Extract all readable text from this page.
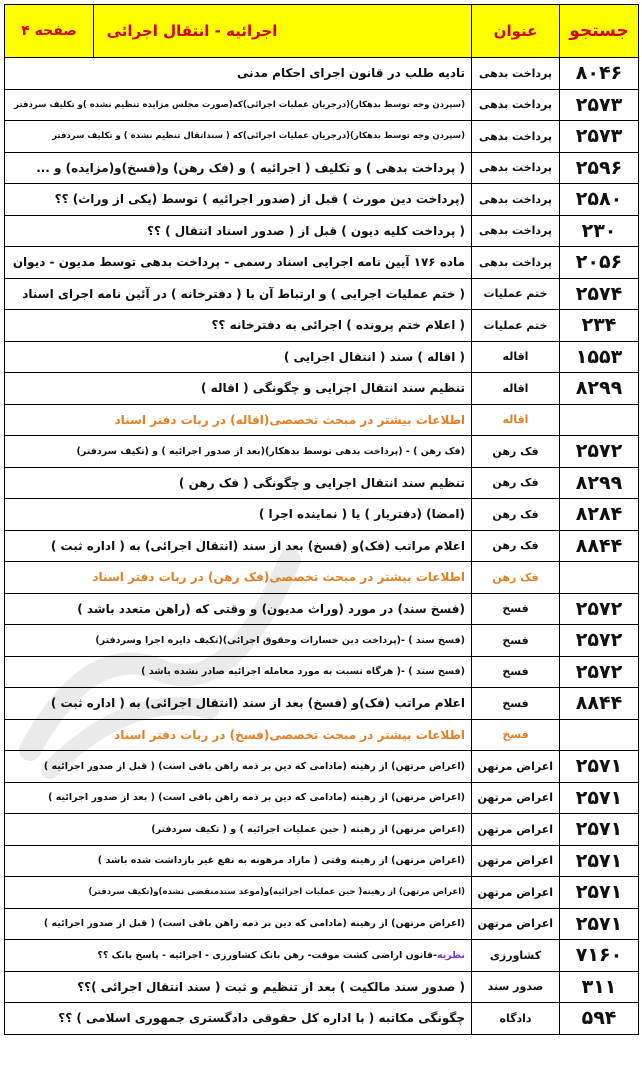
جستجو	عنوان	اجرائیه - انتقال اجرائی
صفحه ۴

۸۰۴۶	پرداخت بدهی	تادیه طلب در قانون اجرای احکام مدنی
۲۵۷۳	پرداخت بدهی	(سپردن وجه توسط بدهکار)(درجریان عملیات اجرائی)که(صورت مجلس مزایده تنظیم نشده )و تکلیف سردفتر
۲۵۷۳	پرداخت بدهی	(سپردن وجه توسط بدهکار)(درجریان عملیات اجرائی)که ( سنداتقال تنظیم نشده ) و تکلیف سردفتر
۲۵۹۶	پرداخت بدهی	( پرداخت بدهی ) و تکلیف ( اجرائیه ) و (فک رهن) و(فسخ)و(مزایده) و ...
۲۵۸۰	پرداخت بدهی	(پرداخت دین مورث ) قبل از (صدور اجرائیه ) توسط (یکی از وراث) ؟؟
۲۳۰	پرداخت بدهی	( پرداخت کلیه دیون ) قبل از ( صدور اسناد انتقال ) ؟؟
۲۰۵۶	پرداخت بدهی	ماده ۱۷۶ آیین نامه اجرایی اسناد رسمی - پرداخت بدهی توسط مدیون - دیوان
۲۵۷۴	ختم عملیات	( ختم عملیات اجرایی ) و ارتباط آن با ( دفترخانه ) در آئین نامه اجرای اسناد
۲۳۴	ختم عملیات	( اعلام ختم پرونده ) اجرائی به دفترخانه ؟؟
۱۵۵۳	اقاله	( اقاله ) سند ( انتقال اجرایی )
۸۲۹۹	اقاله	تنظیم سند انتقال اجرایی و چگونگی ( اقاله )
	اقاله	اطلاعات بیشتر در مبحث تخصصی(اقاله) در ربات دفتر اسناد
۲۵۷۲	فک رهن	(فک رهن ) - (پرداخت بدهی توسط بدهکار)(بعد از صدور اجرائیه ) و (تکیف سردفتر)
۸۲۹۹	فک رهن	تنظیم سند انتقال اجرایی و چگونگی ( فک رهن )
۸۲۸۴	فک رهن	(امضا) (دفتریار ) یا ( نماینده اجرا )
۸۸۴۴	فک رهن	اعلام مراتب (فک)و (فسخ) بعد از سند (انتقال اجرائی) به ( اداره ثبت )
	فک رهن	اطلاعات بیشتر در مبحث تخصصی(فک رهن) در ربات دفتر اسناد
۲۵۷۲	فسخ	(فسخ سند) در مورد (وراث مدیون) و وقتی که (راهن متعدد باشد )
۲۵۷۲	فسخ	(فسخ سند ) -(پرداخت دین خسارات وحقوق اجرائی)(تکیف دایره اجرا وسردفتر)
۲۵۷۲	فسخ	(فسخ سند ) -( هرگاه نسبت به مورد معامله اجرائیه صادر نشده باشد )
۸۸۴۴	فسخ	اعلام مراتب (فک)و (فسخ) بعد از سند (انتقال اجرائی) به ( اداره ثبت )
	فسخ	اطلاعات بیشتر در مبحث تخصصی(فسخ) در ربات دفتر اسناد
۲۵۷۱	اعراض مرتهن	(اعراض مرتهن) از رهینه (مادامی که دین بر ذمه راهن باقی است) ( قبل از صدور اجرائیه )
۲۵۷۱	اعراض مرتهن	(اعراض مرتهن) از رهینه (مادامی که دین بر ذمه راهن باقی است) ( بعد از صدور اجرائیه )
۲۵۷۱	اعراض مرتهن	(اعراض مرتهن) از رهینه ( حین عملیات اجرائیه ) و ( تکیف سردفتر)
۲۵۷۱	اعراض مرتهن	(اعراض مرتهن) از رهینه وقتی ( مازاد مرهونه به نفع غیر بازداشت شده باشد )
۲۵۷۱	اعراض مرتهن	(اعراض مرتهن) از رهینه( حین عملیات اجرائیه)و(موعد سندمنقضی نشده)و(تکیف سردفتر)
۲۵۷۱	اعراض مرتهن	(اعراض مرتهن) از رهینه (مادامی که دین بر ذمه راهن باقی است) ( قبل از صدور اجرائیه )
۷۱۶۰	کشاورزی	نظریه-قانون اراضی کشت موقت- رهن بانک کشاورزی - اجرائیه - پاسخ بانک ؟؟
۳۱۱	صدور سند	( صدور سند مالکیت ) بعد از تنظیم و ثبت ( سند انتقال اجرائی )؟؟
۵۹۴	دادگاه	چگونگی مکاتبه ( با اداره کل حقوقی دادگستری جمهوری اسلامی ) ؟؟
